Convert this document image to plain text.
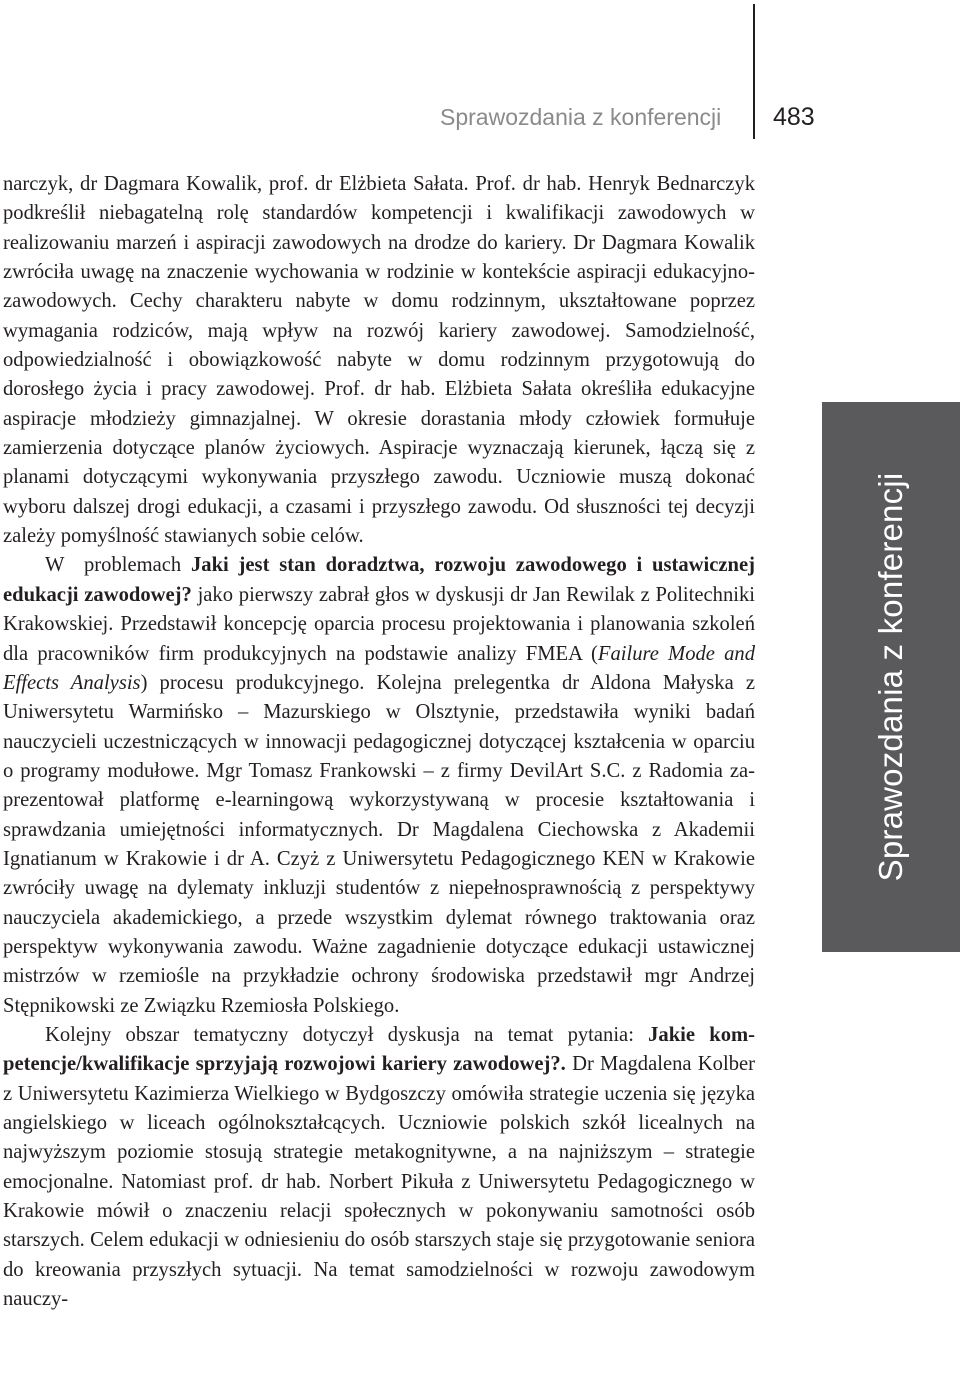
Sprawozdania z konferencji 483
Sprawozdania z konferencji

narczyk, dr Dagmara Kowalik, prof. dr Elżbieta Sałata. Prof. dr hab. Henryk Bednarczyk podkreślił niebagatelną rolę standardów kompetencji i kwalifikacji zawodowych w realizowaniu marzeń i aspiracji zawodowych na drodze do kariery. Dr Dagmara Kowalik zwróciła uwagę na znaczenie wychowania w rodzinie w kontekście aspiracji edukacyjno-zawodowych. Cechy charakteru nabyte w domu rodzinnym, ukształtowane poprzez wymagania rodziców, mają wpływ na rozwój kariery zawodowej. Samodzielność, odpowiedzialność i obowiązkowość nabyte w domu rodzinnym przygotowują do dorosłego życia i pracy zawodowej. Prof. dr hab. Elżbieta Sałata określiła edukacyjne aspiracje młodzieży gimnazjalnej. W okresie dorastania młody człowiek formułuje zamierzenia dotyczące planów życiowych. Aspiracje wyznaczają kierunek, łączą się z planami dotyczącymi wykonywania przyszłego zawodu. Uczniowie muszą dokonać wyboru dalszej drogi edukacji, a czasami i przyszłego zawodu. Od słuszności tej decyzji zależy pomyślność stawianych sobie celów.

W  problemach Jaki jest stan doradztwa, rozwoju zawodowego i ustawicznej edukacji zawodowej? jako pierwszy zabrał głos w dyskusji dr Jan Rewilak z Politechniki Krakowskiej. Przedstawił koncepcję oparcia procesu projektowania i planowania szkoleń dla pracowników firm produkcyjnych na podstawie analizy FMEA (Failure Mode and Effects Analysis) procesu produkcyjnego. Kolejna prelegentka dr Aldona Małyska z Uniwersytetu Warmińsko – Mazurskiego w Olsztynie, przedstawiła wyniki badań nauczycieli uczestniczących w innowacji pedagogicznej dotyczącej kształcenia w oparciu o programy modułowe. Mgr Tomasz Frankowski – z firmy DevilArt S.C. z Radomia zaprezentował platformę e-learningową wykorzystywaną w procesie kształtowania i sprawdzania umiejętności informatycznych. Dr Magdalena Ciechowska z Akademii Ignatianum w Krakowie i dr A. Czyż z Uniwersytetu Pedagogicznego KEN w Krakowie zwróciły uwagę na dylematy inkluzji studentów z niepełnosprawnością z perspektywy nauczyciela akademickiego, a przede wszystkim dylemat równego traktowania oraz perspektyw wykonywania zawodu. Ważne zagadnienie dotyczące edukacji ustawicznej mistrzów w rzemiośle na przykładzie ochrony środowiska przedstawił mgr Andrzej Stępnikowski ze Związku Rzemiosła Polskiego.

Kolejny obszar tematyczny dotyczył dyskusja na temat pytania: Jakie kompetencje/kwalifikacje sprzyjają rozwojowi kariery zawodowej?. Dr Magdalena Kolber z Uniwersytetu Kazimierza Wielkiego w Bydgoszczy omówiła strategie uczenia się języka angielskiego w liceach ogólnokształcących. Uczniowie polskich szkół licealnych na najwyższym poziomie stosują strategie metakognitywne, a na najniższym – strategie emocjonalne. Natomiast prof. dr hab. Norbert Pikuła z Uniwersytetu Pedagogicznego w Krakowie mówił o znaczeniu relacji społecznych w pokonywaniu samotności osób starszych. Celem edukacji w odniesieniu do osób starszych staje się przygotowanie seniora do kreowania przyszłych sytuacji. Na temat samodzielności w rozwoju zawodowym nauczy-
